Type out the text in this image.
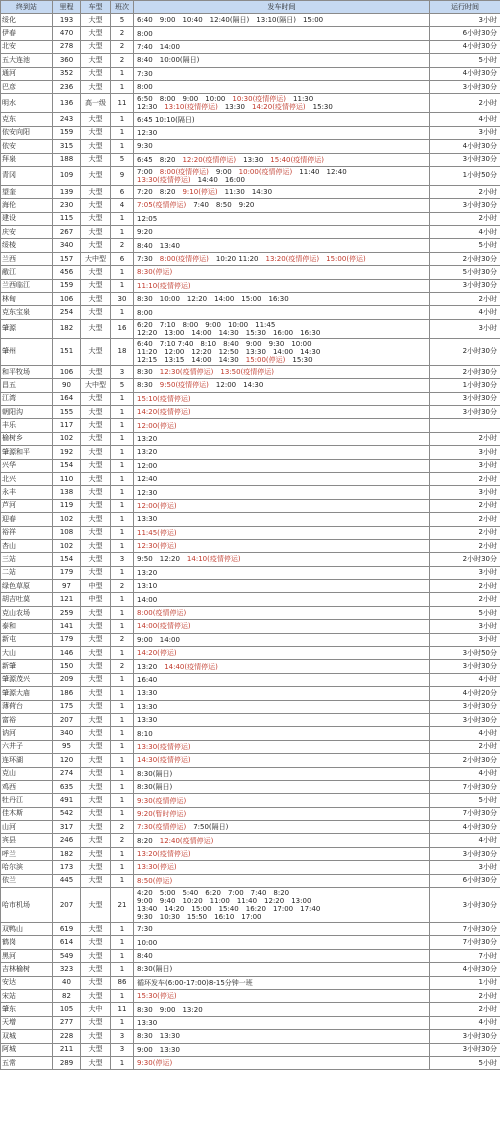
终到站	里程	车型	班次	发车时间	运行时间
绥化	193	大型	5	6:40 9:00 10:40 12:40(隔日) 13:10(隔日) 15:00	3小时
伊春	470	大型	2	8:00	6小时30分
北安	278	大型	2	7:40 14:00	4小时30分
五大连池	360	大型	2	8:40 10:00(隔日)	5小时
通河	352	大型	1	7:30	4小时30分
巴彦	236	大型	1	8:00	3小时30分
明水	136	高一级	11	6:50 8:00 9:00 10:00 10:30(疫情停运) 11:30
12:30 13:10(疫情停运) 13:30 14:20(疫情停运) 15:30	2小时
克东	243	大型	1	6:45 10:10(隔日)	4小时
依安向阳	159	大型	1	12:30	3小时
依安	315	大型	1	9:30	4小时30分
拜泉	188	大型	5	6:45 8:20 12:20(疫情停运) 13:30 15:40(疫情停运)	3小时30分
青冈	109	大型	9	7:00 8:00(疫情停运) 9:00 10:00(疫情停运) 11:40 12:40
13:30(疫情停运) 14:40 16:00	1小时50分
望奎	139	大型	6	7:20 8:20 9:10(停运) 11:30 14:30	2小时
海伦	230	大型	4	7:05(疫情停运) 7:40 8:50 9:20	3小时30分
建设	115	大型	1	12:05	2小时
庆安	267	大型	1	9:20	4小时
绥棱	340	大型	2	8:40 13:40	5小时
兰西	157	大中型	6	7:30 8:00(疫情停运) 10:20 11:20 13:20(疫情停运) 15:00(停运)	2小时30分
敝江	456	大型	1	8:30(停运)	5小时30分
兰西临江	159	大型	1	11:10(疫情停运)	3小时30分
林甸	106	大型	30	8:30 10:00 12:20 14:00 15:00 16:30	2小时
克东宝泉	254	大型	1	8:00	4小时
肇源	182	大型	16	6:20 7:10 8:00 9:00 10:00 11:45
12:20 13:00 14:00 14:30 15:30 16:00 16:30	3小时
肇州	151	大型	18	6:40 7:10 7:40 8:10 8:40 9:00 9:30 10:00
11:20 12:00 12:20 12:50 13:30 14:00 14:30
12:15 13:15 14:00 14:30 15:00(停运) 15:30	2小时30分
和平牧场	106	大型	3	8:30 12:30(疫情停运) 13:50(疫情停运)	2小时30分
昌五	90	大中型	5	8:30 9:50(疫情停运) 12:00 14:30	1小时30分
江湾	164	大型	1	15:10(疫情停运)	3小时30分
朝阳沟	155	大型	1	14:20(疫情停运)	3小时30分
丰乐	117	大型	1	12:00(停运)	

榆树乡	102	大型	1	13:20	2小时
肇源和平	192	大型	1	13:20	3小时
兴华	154	大型	1	12:00	3小时
北兴	110	大型	1	12:40	2小时
永丰	138	大型	1	12:30	3小时
芦河	119	大型	1	12:00(停运)	2小时
迎春	102	大型	1	13:30	2小时
裕祥	108	大型	1	11:45(停运)	2小时
杏山	102	大型	1	12:30(停运)	2小时
三站	154	大型	3	9:50 12:20 14:10(疫情停运)	2小时30分
二站	179	大型	1	13:20	3小时
绿色草原	97	中型	2	13:10	2小时
胡吉吐莫	121	中型	1	14:00	2小时
克山农场	259	大型	1	8:00(疫情停运)	5小时
泰和	141	大型	1	14:00(疫情停运)	3小时
新屯	179	大型	2	9:00 14:00	3小时
大山	146	大型	1	14:20(停运)	3小时50分
新肇	150	大型	2	13:20 14:40(疫情停运)	3小时30分
肇源茂兴	209	大型	1	16:40	4小时
肇源大庙	186	大型	1	13:30	4小时20分
薄荷台	175	大型	1	13:30	3小时30分
富裕	207	大型	1	13:30	3小时30分
讷河	340	大型	1	8:10	4小时
六井子	95	大型	1	13:30(疫情停运)	2小时
连环湖	120	大型	1	14:30(疫情停运)	2小时30分
克山	274	大型	1	8:30(隔日)	4小时
鸡西	635	大型	1	8:30(隔日)	7小时30分
牡丹江	491	大型	1	9:30(疫情停运)	5小时
佳木斯	542	大型	1	9:20(暂时停运)	7小时30分
山河	317	大型	2	7:30(疫情停运) 7:50(隔日)	4小时30分
宾县	246	大型	2	8:20 12:40(疫情停运)	4小时
呼兰	182	大型	1	13:20(疫情停运)	3小时30分
哈尔滨	173	大型	1	13:30(停运)	3小时
依兰	445	大型	1	8:50(停运)	6小时30分
哈市机场	207	大型	21	4:20 5:00 5:40 6:20 7:00 7:40 8:20
9:00 9:40 10:20 11:00 11:40 12:20 13:00
13:40 14:20 15:00 15:40 16:20 17:00 17:40
9:30 10:30 15:50 16:10 17:00	3小时30分
双鸭山	619	大型	1	7:30	7小时30分
鹤岗	614	大型	1	10:00	7小时30分
黑河	549	大型	1	8:40	7小时
吉林榆树	323	大型	1	8:30(隔日)	4小时30分
安达	40	大型	86	循环发车(6:00-17:00)8-15分钟一班	1小时
宋站	82	大型	1	15:30(停运)	2小时
肇东	105	大中	11	8:30 9:00 13:20	2小时
天增	277	大型	1	13:30	4小时
双城	228	大型	3	8:30 13:30	3小时30分
阿城	211	大型	3	9:00 13:30	3小时30分
五常	289	大型	1	9:30(停运)	5小时
